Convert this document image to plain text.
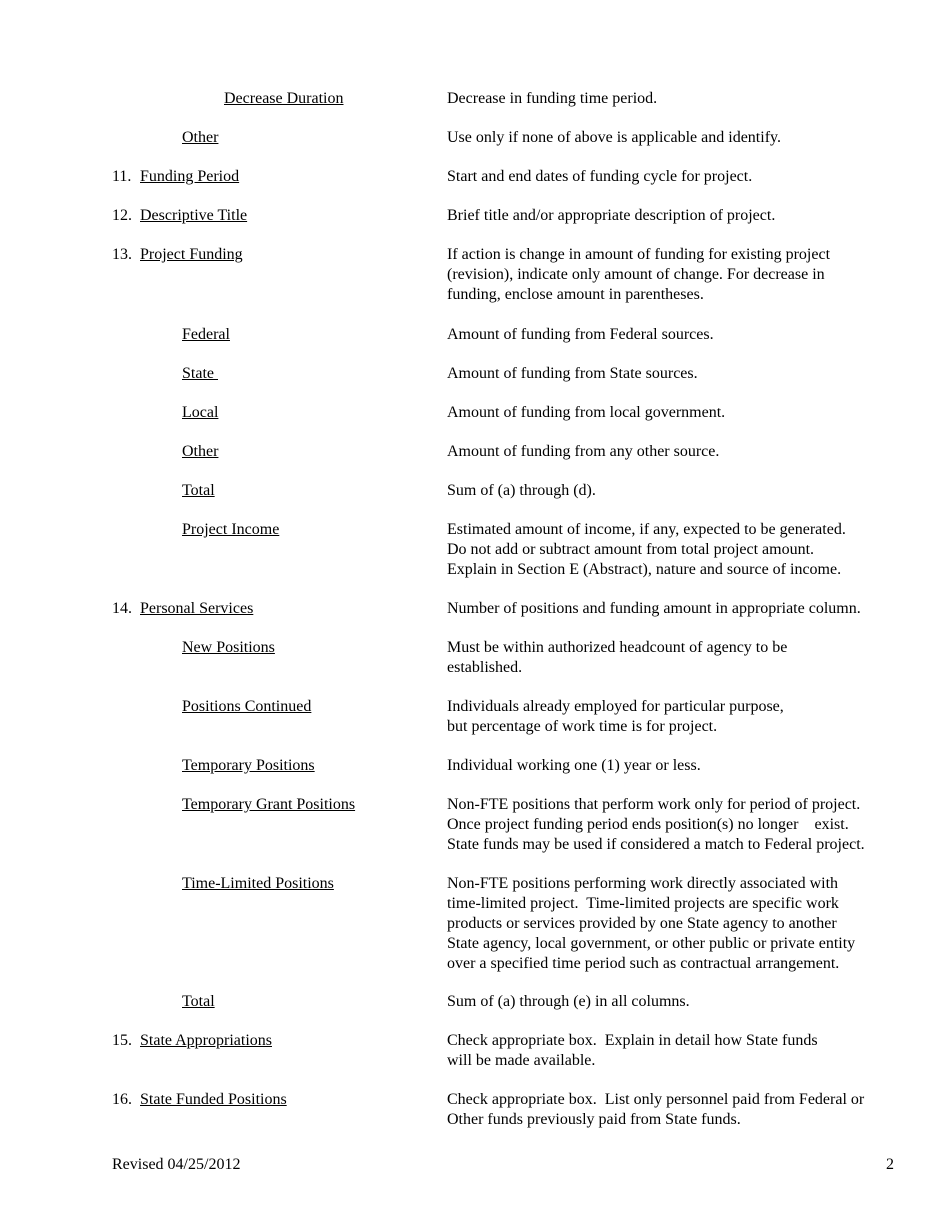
Decrease Duration	Decrease in funding time period.
Other	Use only if none of above is applicable and identify.
11. Funding Period	Start and end dates of funding cycle for project.
12. Descriptive Title	Brief title and/or appropriate description of project.
13. Project Funding	If action is change in amount of funding for existing project
(revision), indicate only amount of change. For decrease in
funding, enclose amount in parentheses.
Federal	Amount of funding from Federal sources.
State	Amount of funding from State sources.
Local	Amount of funding from local government.
Other	Amount of funding from any other source.
Total	Sum of (a) through (d).
Project Income	Estimated amount of income, if any, expected to be generated.
Do not add or subtract amount from total project amount.
Explain in Section E (Abstract), nature and source of income.
14. Personal Services	Number of positions and funding amount in appropriate column.
New Positions	Must be within authorized headcount of agency to be
established.
Positions Continued	Individuals already employed for particular purpose,
but percentage of work time is for project.
Temporary Positions	Individual working one (1) year or less.
Temporary Grant Positions	Non-FTE positions that perform work only for period of project.
Once project funding period ends position(s) no longer    exist.
State funds may be used if considered a match to Federal project.
Time-Limited Positions	Non-FTE positions performing work directly associated with
time-limited project.  Time-limited projects are specific work
products or services provided by one State agency to another
State agency, local government, or other public or private entity
over a specified time period such as contractual arrangement.
Total	Sum of (a) through (e) in all columns.
15. State Appropriations	Check appropriate box.  Explain in detail how State funds
will be made available.
16. State Funded Positions	Check appropriate box.  List only personnel paid from Federal or
Other funds previously paid from State funds.
Revised 04/25/2012	2
